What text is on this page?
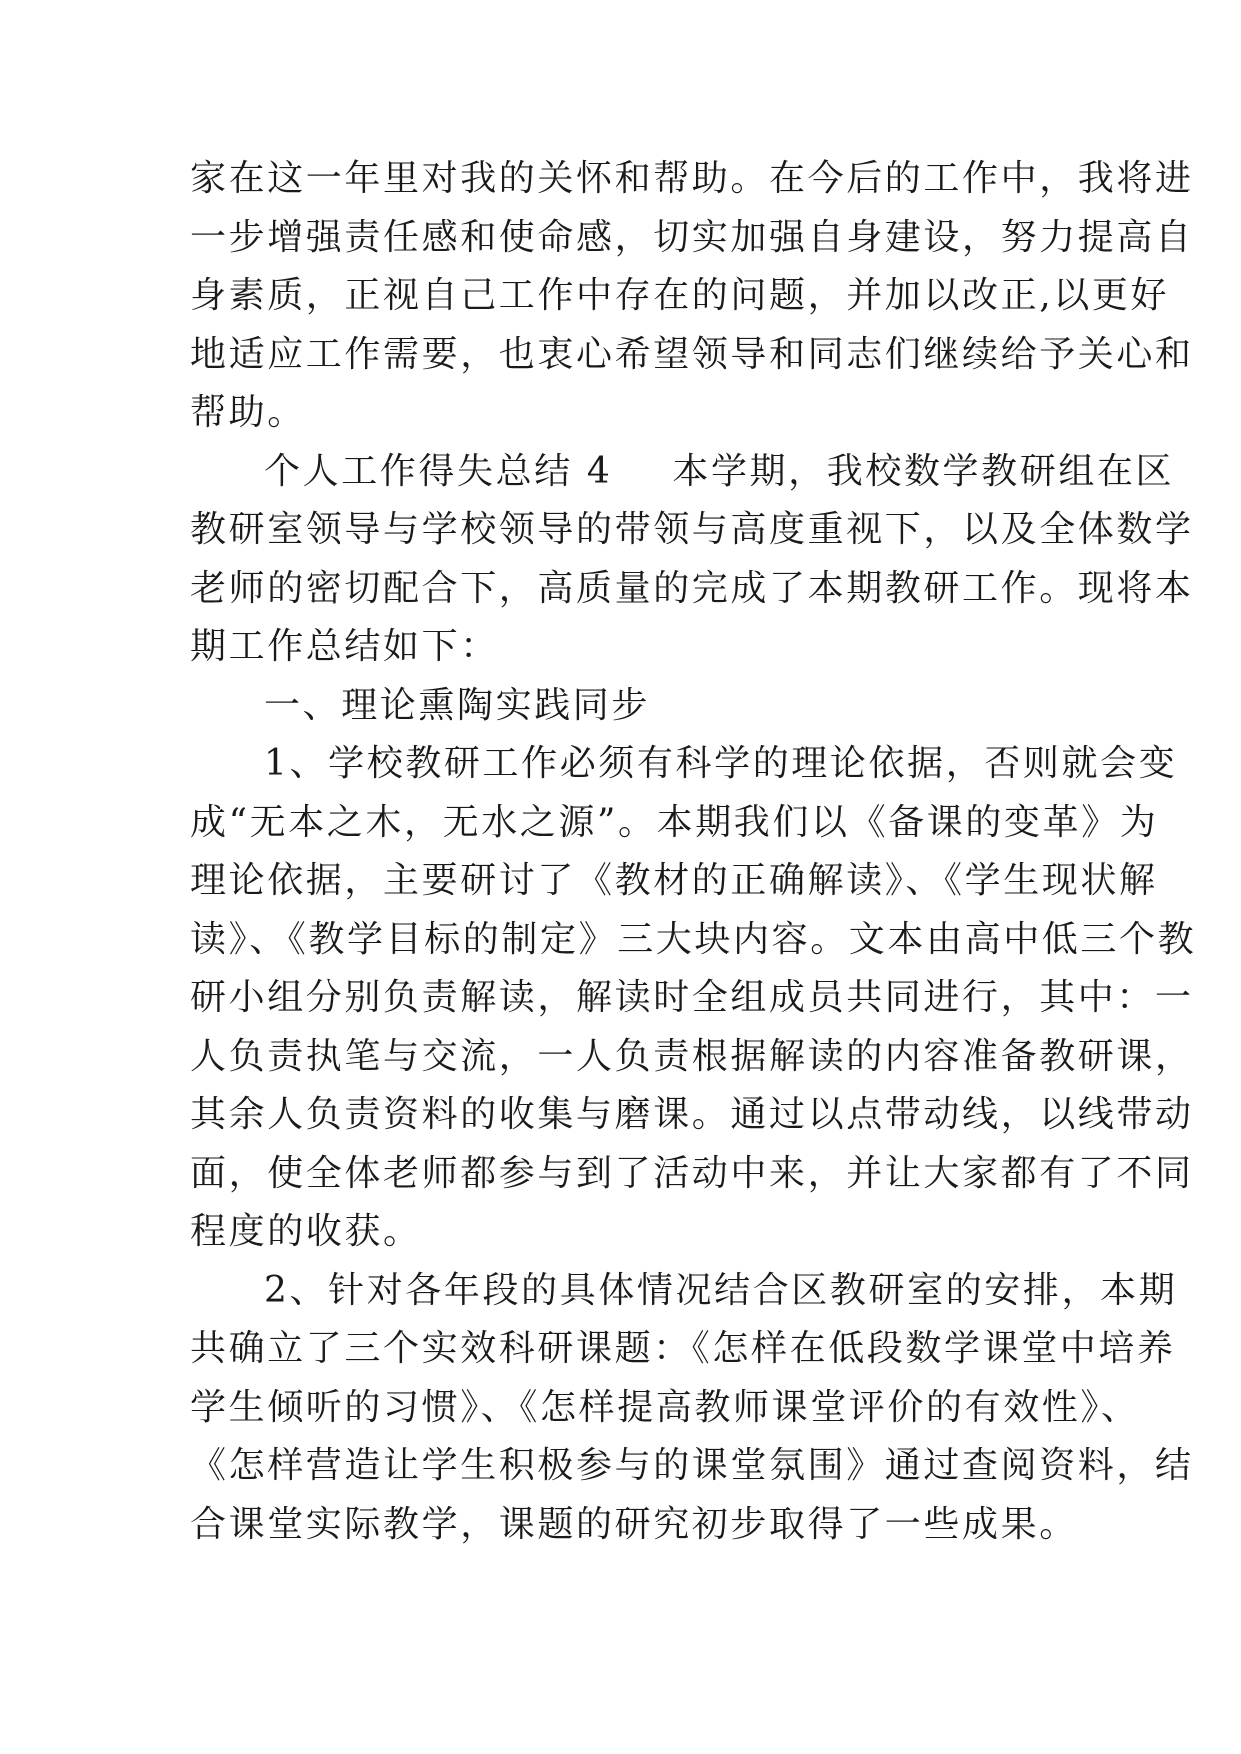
家在这一年里对我的关怀和帮助。在今后的工作中，我将进
一步增强责任感和使命感，切实加强自身建设，努力提高自
身素质，正视自己工作中存在的问题，并加以改正,以更好
地适应工作需要，也衷心希望领导和同志们继续给予关心和
帮助。
个人工作得失总结 4 本学期，我校数学教研组在区
教研室领导与学校领导的带领与高度重视下，以及全体数学
老师的密切配合下，高质量的完成了本期教研工作。现将本
期工作总结如下：
一、理论熏陶实践同步
1、学校教研工作必须有科学的理论依据，否则就会变
成“无本之木，无水之源”。本期我们以《备课的变革》为
理论依据，主要研讨了《教材的正确解读》、《学生现状解
读》、《教学目标的制定》三大块内容。文本由高中低三个教
研小组分别负责解读，解读时全组成员共同进行，其中：一
人负责执笔与交流，一人负责根据解读的内容准备教研课，
其余人负责资料的收集与磨课。通过以点带动线，以线带动
面，使全体老师都参与到了活动中来，并让大家都有了不同
程度的收获。
2、针对各年段的具体情况结合区教研室的安排，本期
共确立了三个实效科研课题：《怎样在低段数学课堂中培养
学生倾听的习惯》、《怎样提高教师课堂评价的有效性》、
《怎样营造让学生积极参与的课堂氛围》通过查阅资料，结
合课堂实际教学，课题的研究初步取得了一些成果。
